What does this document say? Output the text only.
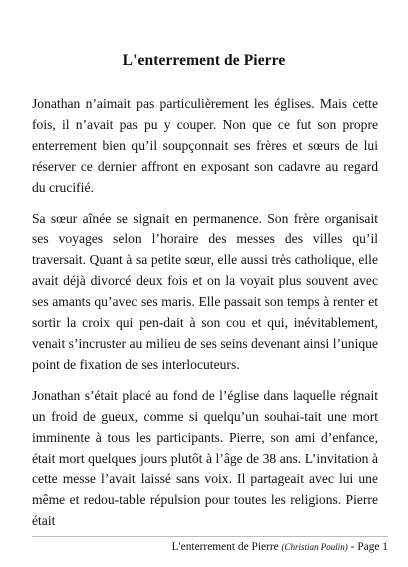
L'enterrement de Pierre

Jonathan n’aimait pas particulièrement les églises. Mais cette fois, il n’avait pas pu y couper. Non que ce fut son propre enterrement bien qu’il soupçonnait ses frères et sœurs de lui réserver ce dernier affront en exposant son cadavre au regard du crucifié.

Sa sœur aînée se signait en permanence. Son frère organisait ses voyages selon l’horaire des messes des villes qu’il traversait. Quant à sa petite sœur, elle aussi très catholique, elle avait déjà divorcé deux fois et on la voyait plus souvent avec ses amants qu’avec ses maris. Elle passait son temps à renter et sortir la croix qui pen-dait à son cou et qui, inévitablement, venait s’incruster au milieu de ses seins devenant ainsi l’unique point de fixation de ses interlocuteurs.

Jonathan s’était placé au fond de l’église dans laquelle régnait un froid de gueux, comme si quelqu’un souhai-tait une mort imminente à tous les participants. Pierre, son ami d’enfance, était mort quelques jours plutôt à l’âge de 38 ans. L’invitation à cette messe l’avait laissé sans voix. Il partageait avec lui une même et redou-table répulsion pour toutes les religions. Pierre était

L'enterrement de Pierre (Christian Poulin) - Page 1
